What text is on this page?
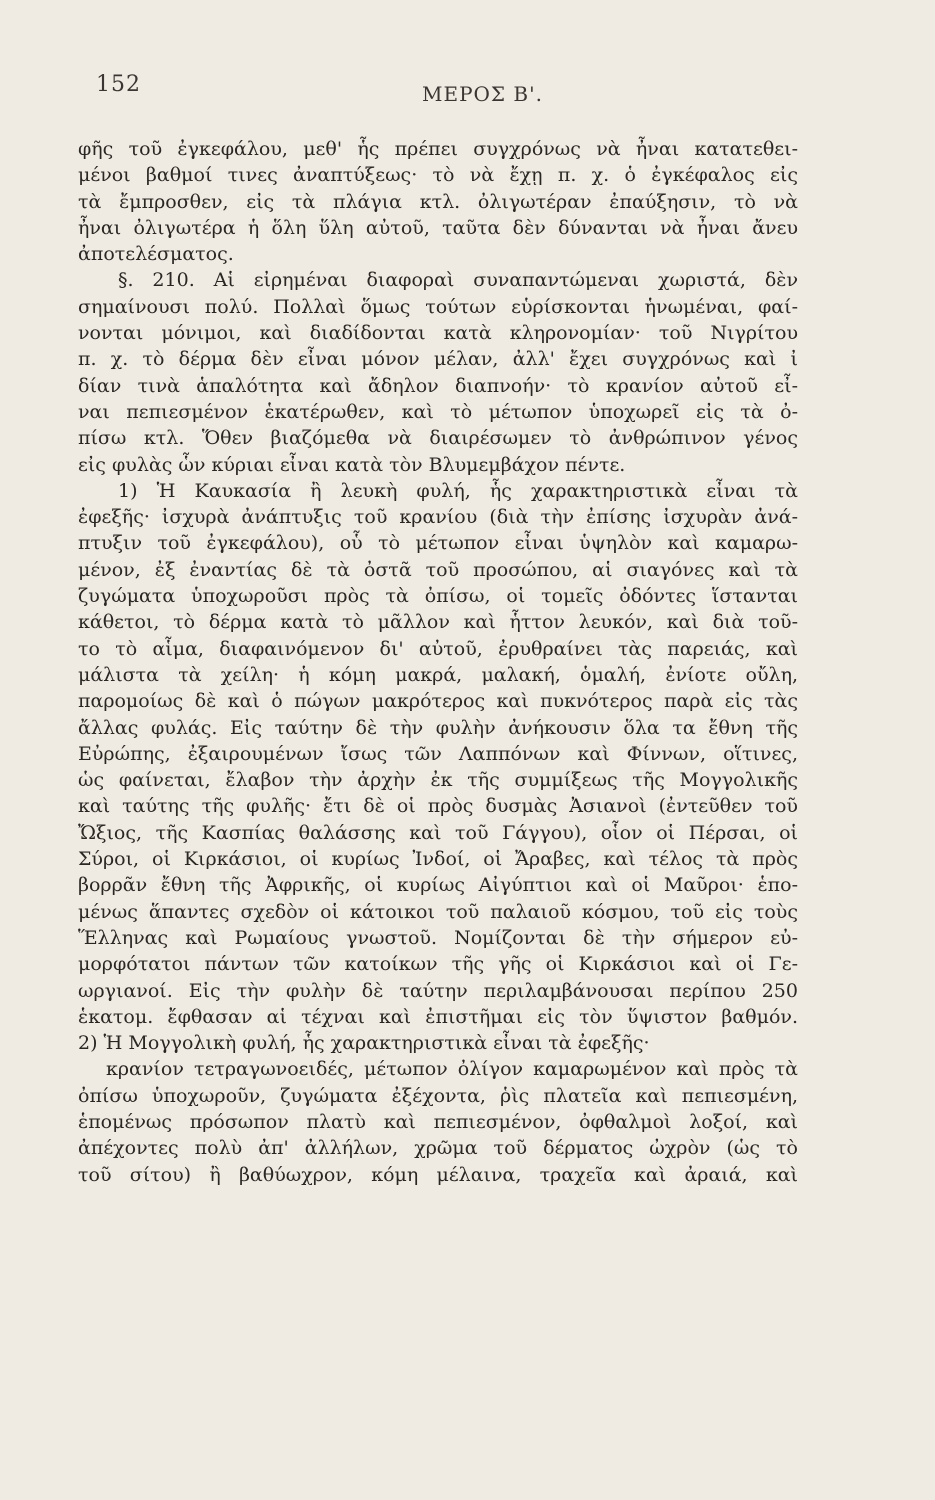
152	ΜΕΡΟΣ Β'.
φῆς τοῦ ἐγκεφάλου, μεθ' ἧς πρέπει συγχρόνως νὰ ἦναι κατατεθει-
μένοι βαθμοί τινες ἀναπτύξεως· τὸ νὰ ἔχῃ π. χ. ὁ ἐγκέφαλος εἰς
τὰ ἔμπροσθεν, εἰς τὰ πλάγια κτλ. ὀλιγωτέραν ἐπαύξησιν, τὸ νὰ
ἦναι ὀλιγωτέρα ἡ ὅλη ὕλη αὐτοῦ, ταῦτα δὲν δύνανται νὰ ἦναι ἄνευ
ἀποτελέσματος.
§. 210. Αἱ εἰρημέναι διαφοραὶ συναπαντώμεναι χωριστά, δὲν
σημαίνουσι πολύ. Πολλαὶ ὅμως τούτων εὑρίσκονται ἡνωμέναι, φαί-
νονται μόνιμοι, καὶ διαδίδονται κατὰ κληρονομίαν· τοῦ Νιγρίτου
π. χ. τὸ δέρμα δὲν εἶναι μόνον μέλαν, ἀλλ' ἔχει συγχρόνως καὶ ἰ
δίαν τινὰ ἁπαλότητα καὶ ἄδηλον διαπνοήν· τὸ κρανίον αὐτοῦ εἶ-
ναι πεπιεσμένον ἑκατέρωθεν, καὶ τὸ μέτωπον ὑποχωρεῖ εἰς τὰ ὀ-
πίσω κτλ. Ὅθεν βιαζόμεθα νὰ διαιρέσωμεν τὸ ἀνθρώπινον γένος
εἰς φυλὰς ὧν κύριαι εἶναι κατὰ τὸν Βλυμεμβάχον πέντε.
1) Ἡ Καυκασία ἢ λευκὴ φυλή, ἧς χαρακτηριστικὰ εἶναι τὰ
ἐφεξῆς· ἰσχυρὰ ἀνάπτυξις τοῦ κρανίου (διὰ τὴν ἐπίσης ἰσχυρὰν ἀνά-
πτυξιν τοῦ ἐγκεφάλου), οὗ τὸ μέτωπον εἶναι ὑψηλὸν καὶ καμαρω-
μένον, ἐξ ἐναντίας δὲ τὰ ὀστᾶ τοῦ προσώπου, αἱ σιαγόνες καὶ τὰ
ζυγώματα ὑποχωροῦσι πρὸς τὰ ὀπίσω, οἱ τομεῖς ὀδόντες ἵστανται
κάθετοι, τὸ δέρμα κατὰ τὸ μᾶλλον καὶ ἧττον λευκόν, καὶ διὰ τοῦ-
το τὸ αἷμα, διαφαινόμενον δι' αὐτοῦ, ἐρυθραίνει τὰς παρειάς, καὶ
μάλιστα τὰ χείλη· ἡ κόμη μακρά, μαλακή, ὁμαλή, ἐνίοτε οὔλη,
παρομοίως δὲ καὶ ὁ πώγων μακρότερος καὶ πυκνότερος παρὰ εἰς τὰς
ἄλλας φυλάς. Εἰς ταύτην δὲ τὴν φυλὴν ἀνήκουσιν ὅλα τα ἔθνη τῆς
Εὐρώπης, ἐξαιρουμένων ἴσως τῶν Λαππόνων καὶ Φίννων, οἵτινες,
ὡς φαίνεται, ἔλαβον τὴν ἀρχὴν ἐκ τῆς συμμίξεως τῆς Μογγολικῆς
καὶ ταύτης τῆς φυλῆς· ἔτι δὲ οἱ πρὸς δυσμὰς Ἀσιανοὶ (ἐντεῦθεν τοῦ
Ὤξιος, τῆς Κασπίας θαλάσσης καὶ τοῦ Γάγγου), οἷον οἱ Πέρσαι, οἱ
Σύροι, οἱ Κιρκάσιοι, οἱ κυρίως Ἰνδοί, οἱ Ἄραβες, καὶ τέλος τὰ πρὸς
βορρᾶν ἔθνη τῆς Ἀφρικῆς, οἱ κυρίως Αἰγύπτιοι καὶ οἱ Μαῦροι· ἑπο-
μένως ἅπαντες σχεδὸν οἱ κάτοικοι τοῦ παλαιοῦ κόσμου, τοῦ εἰς τοὺς
Ἕλληνας καὶ Ρωμαίους γνωστοῦ. Νομίζονται δὲ τὴν σήμερον εὐ-
μορφότατοι πάντων τῶν κατοίκων τῆς γῆς οἱ Κιρκάσιοι καὶ οἱ Γε-
ωργιανοί. Εἰς τὴν φυλὴν δὲ ταύτην περιλαμβάνουσαι περίπου 250
ἑκατομ. ἔφθασαν αἱ τέχναι καὶ ἐπιστῆμαι εἰς τὸν ὕψιστον βαθμόν.
2) Ἡ Μογγολικὴ φυλή, ἧς χαρακτηριστικὰ εἶναι τὰ ἐφεξῆς·
κρανίον τετραγωνοειδές, μέτωπον ὀλίγον καμαρωμένον καὶ πρὸς τὰ
ὀπίσω ὑποχωροῦν, ζυγώματα ἐξέχοντα, ῥὶς πλατεῖα καὶ πεπιεσμένη,
ἑπομένως πρόσωπον πλατὺ καὶ πεπιεσμένον, ὀφθαλμοὶ λοξοί, καὶ
ἀπέχοντες πολὺ ἀπ' ἀλλήλων, χρῶμα τοῦ δέρματος ὠχρὸν (ὡς τὸ
τοῦ σίτου) ἢ βαθύωχρον, κόμη μέλαινα, τραχεῖα καὶ ἀραιά, καὶ
